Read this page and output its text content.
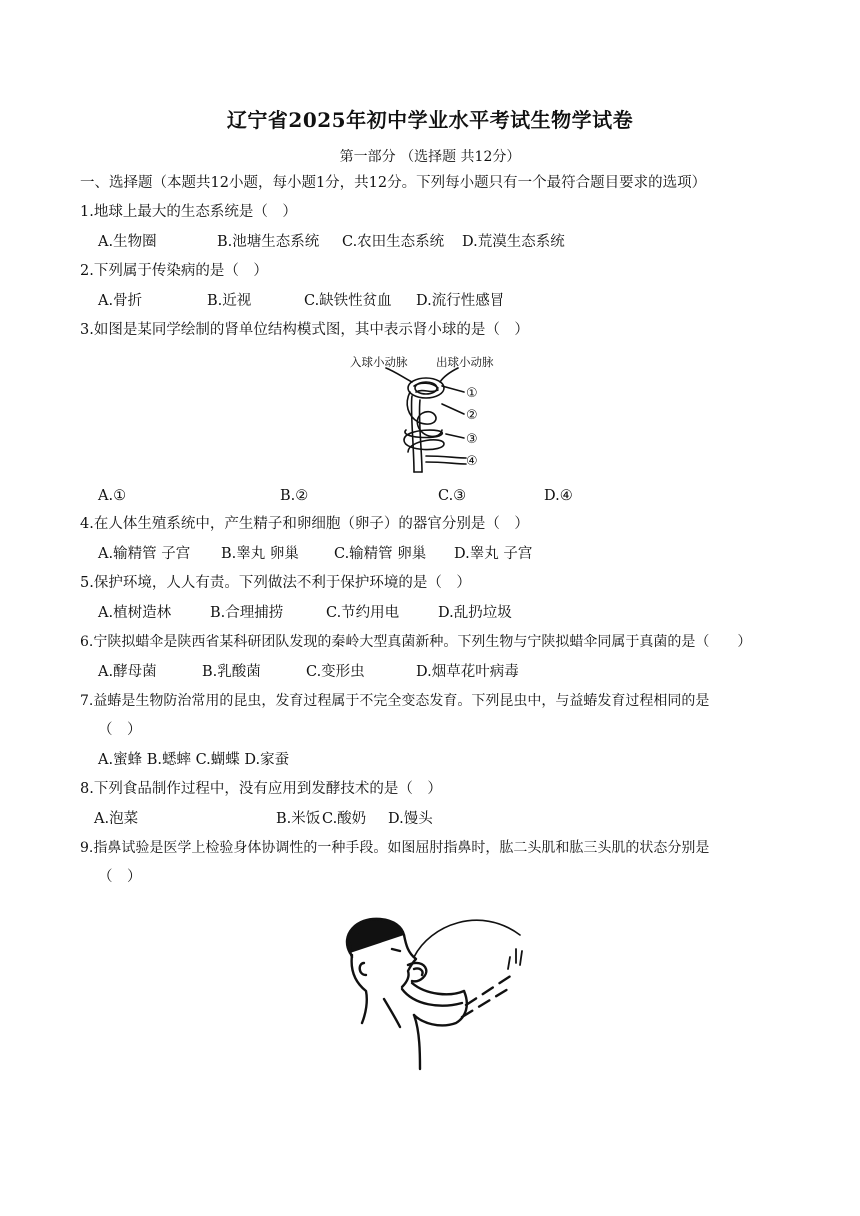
辽宁省2025年初中学业水平考试生物学试卷
第一部分 （选择题 共12分）
一、选择题（本题共12小题，每小题1分，共12分。下列每小题只有一个最符合题目要求的选项）
1.地球上最大的生态系统是（　）
A.生物圈	B.池塘生态系统 C.农田生态系统 D.荒漠生态系统
2.下列属于传染病的是（　）
A.骨折	B.近视	C.缺铁性贫血 D.流行性感冒
3.如图是某同学绘制的肾单位结构模式图，其中表示肾小球的是（　）
入球小动脉 出球小动脉
①
②
③
④
A.①	B.②	C.③	D.④
4.在人体生殖系统中，产生精子和卵细胞（卵子）的器官分别是（　）
A.输精管 子宫 B.睾丸 卵巢 C.输精管 卵巢 D.睾丸 子宫
5.保护环境，人人有责。下列做法不利于保护环境的是（　）
A.植树造林	B.合理捕捞	C.节约用电	D.乱扔垃圾
6.宁陕拟蜡伞是陕西省某科研团队发现的秦岭大型真菌新种。下列生物与宁陕拟蜡伞同属于真菌的是（　　）
A.酵母菌	B.乳酸菌	C.变形虫	D.烟草花叶病毒
7.益蝽是生物防治常用的昆虫，发育过程属于不完全变态发育。下列昆虫中，与益蝽发育过程相同的是
（　）
A.蜜蜂 B.蟋蟀 C.蝴蝶 D.家蚕
8.下列食品制作过程中，没有应用到发酵技术的是（　）
A.泡菜	B.米饭 C.酸奶 D.馒头
9.指鼻试验是医学上检验身体协调性的一种手段。如图屈肘指鼻时，肱二头肌和肱三头肌的状态分别是
（　）
